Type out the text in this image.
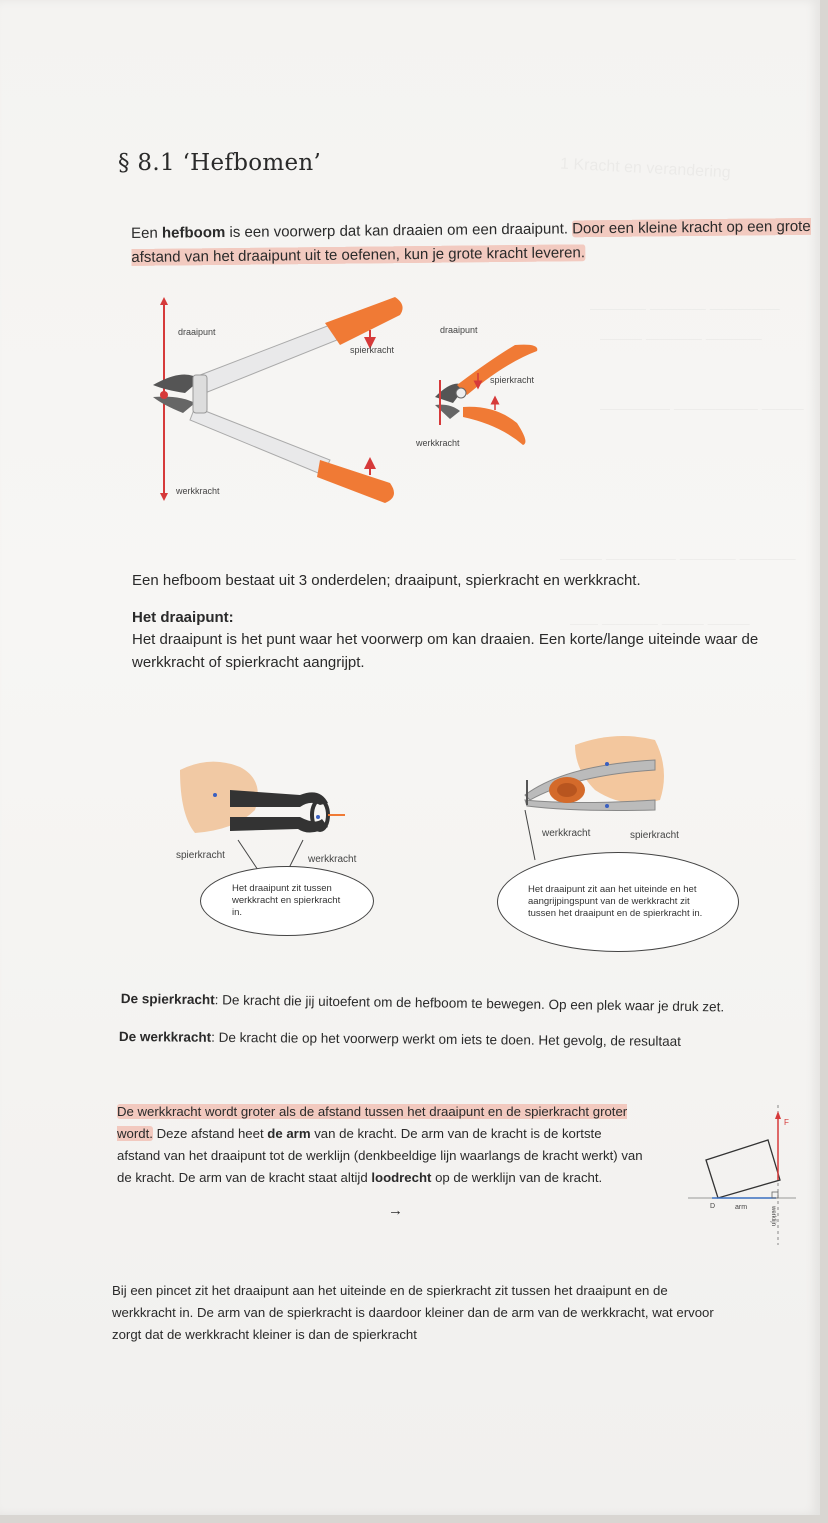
§ 8.1 ‘Hefbomen’
Een hefboom is een voorwerp dat kan draaien om een draaipunt. Door een kleine kracht op een grote afstand van het draaipunt uit te oefenen, kun je grote kracht leveren.
draaipunt
spierkracht
werkkracht
draaipunt
spierkracht
werkkracht
Een hefboom bestaat uit 3 onderdelen; draaipunt, spierkracht en werkkracht.
Het draaipunt:
Het draaipunt is het punt waar het voorwerp om kan draaien. Een korte/lange uiteinde waar de werkkracht of spierkracht aangrijpt.
spierkracht	werkkracht
Het draaipunt zit tussen werkkracht en spierkracht in.
werkkracht	spierkracht
Het draaipunt zit aan het uiteinde en het aangrijpingspunt van de werkkracht zit tussen het draaipunt en de spierkracht in.
De spierkracht: De kracht die jij uitoefent om de hefboom te bewegen. Op een plek waar je druk zet.
De werkkracht: De kracht die op het voorwerp werkt om iets te doen. Het gevolg, de resultaat
De werkkracht wordt groter als de afstand tussen het draaipunt en de spierkracht groter wordt. Deze afstand heet de arm van de kracht. De arm van de kracht is de kortste afstand van het draaipunt tot de werklijn (denkbeeldige lijn waarlangs de kracht werkt) van de kracht. De arm van de kracht staat altijd loodrecht op de werklijn van de kracht.
→
F
D	arm	werklijn
Bij een pincet zit het draaipunt aan het uiteinde en de spierkracht zit tussen het draaipunt en de werkkracht in. De arm van de spierkracht is daardoor kleiner dan de arm van de werkkracht, wat ervoor zorgt dat de werkkracht kleiner is dan de spierkracht
